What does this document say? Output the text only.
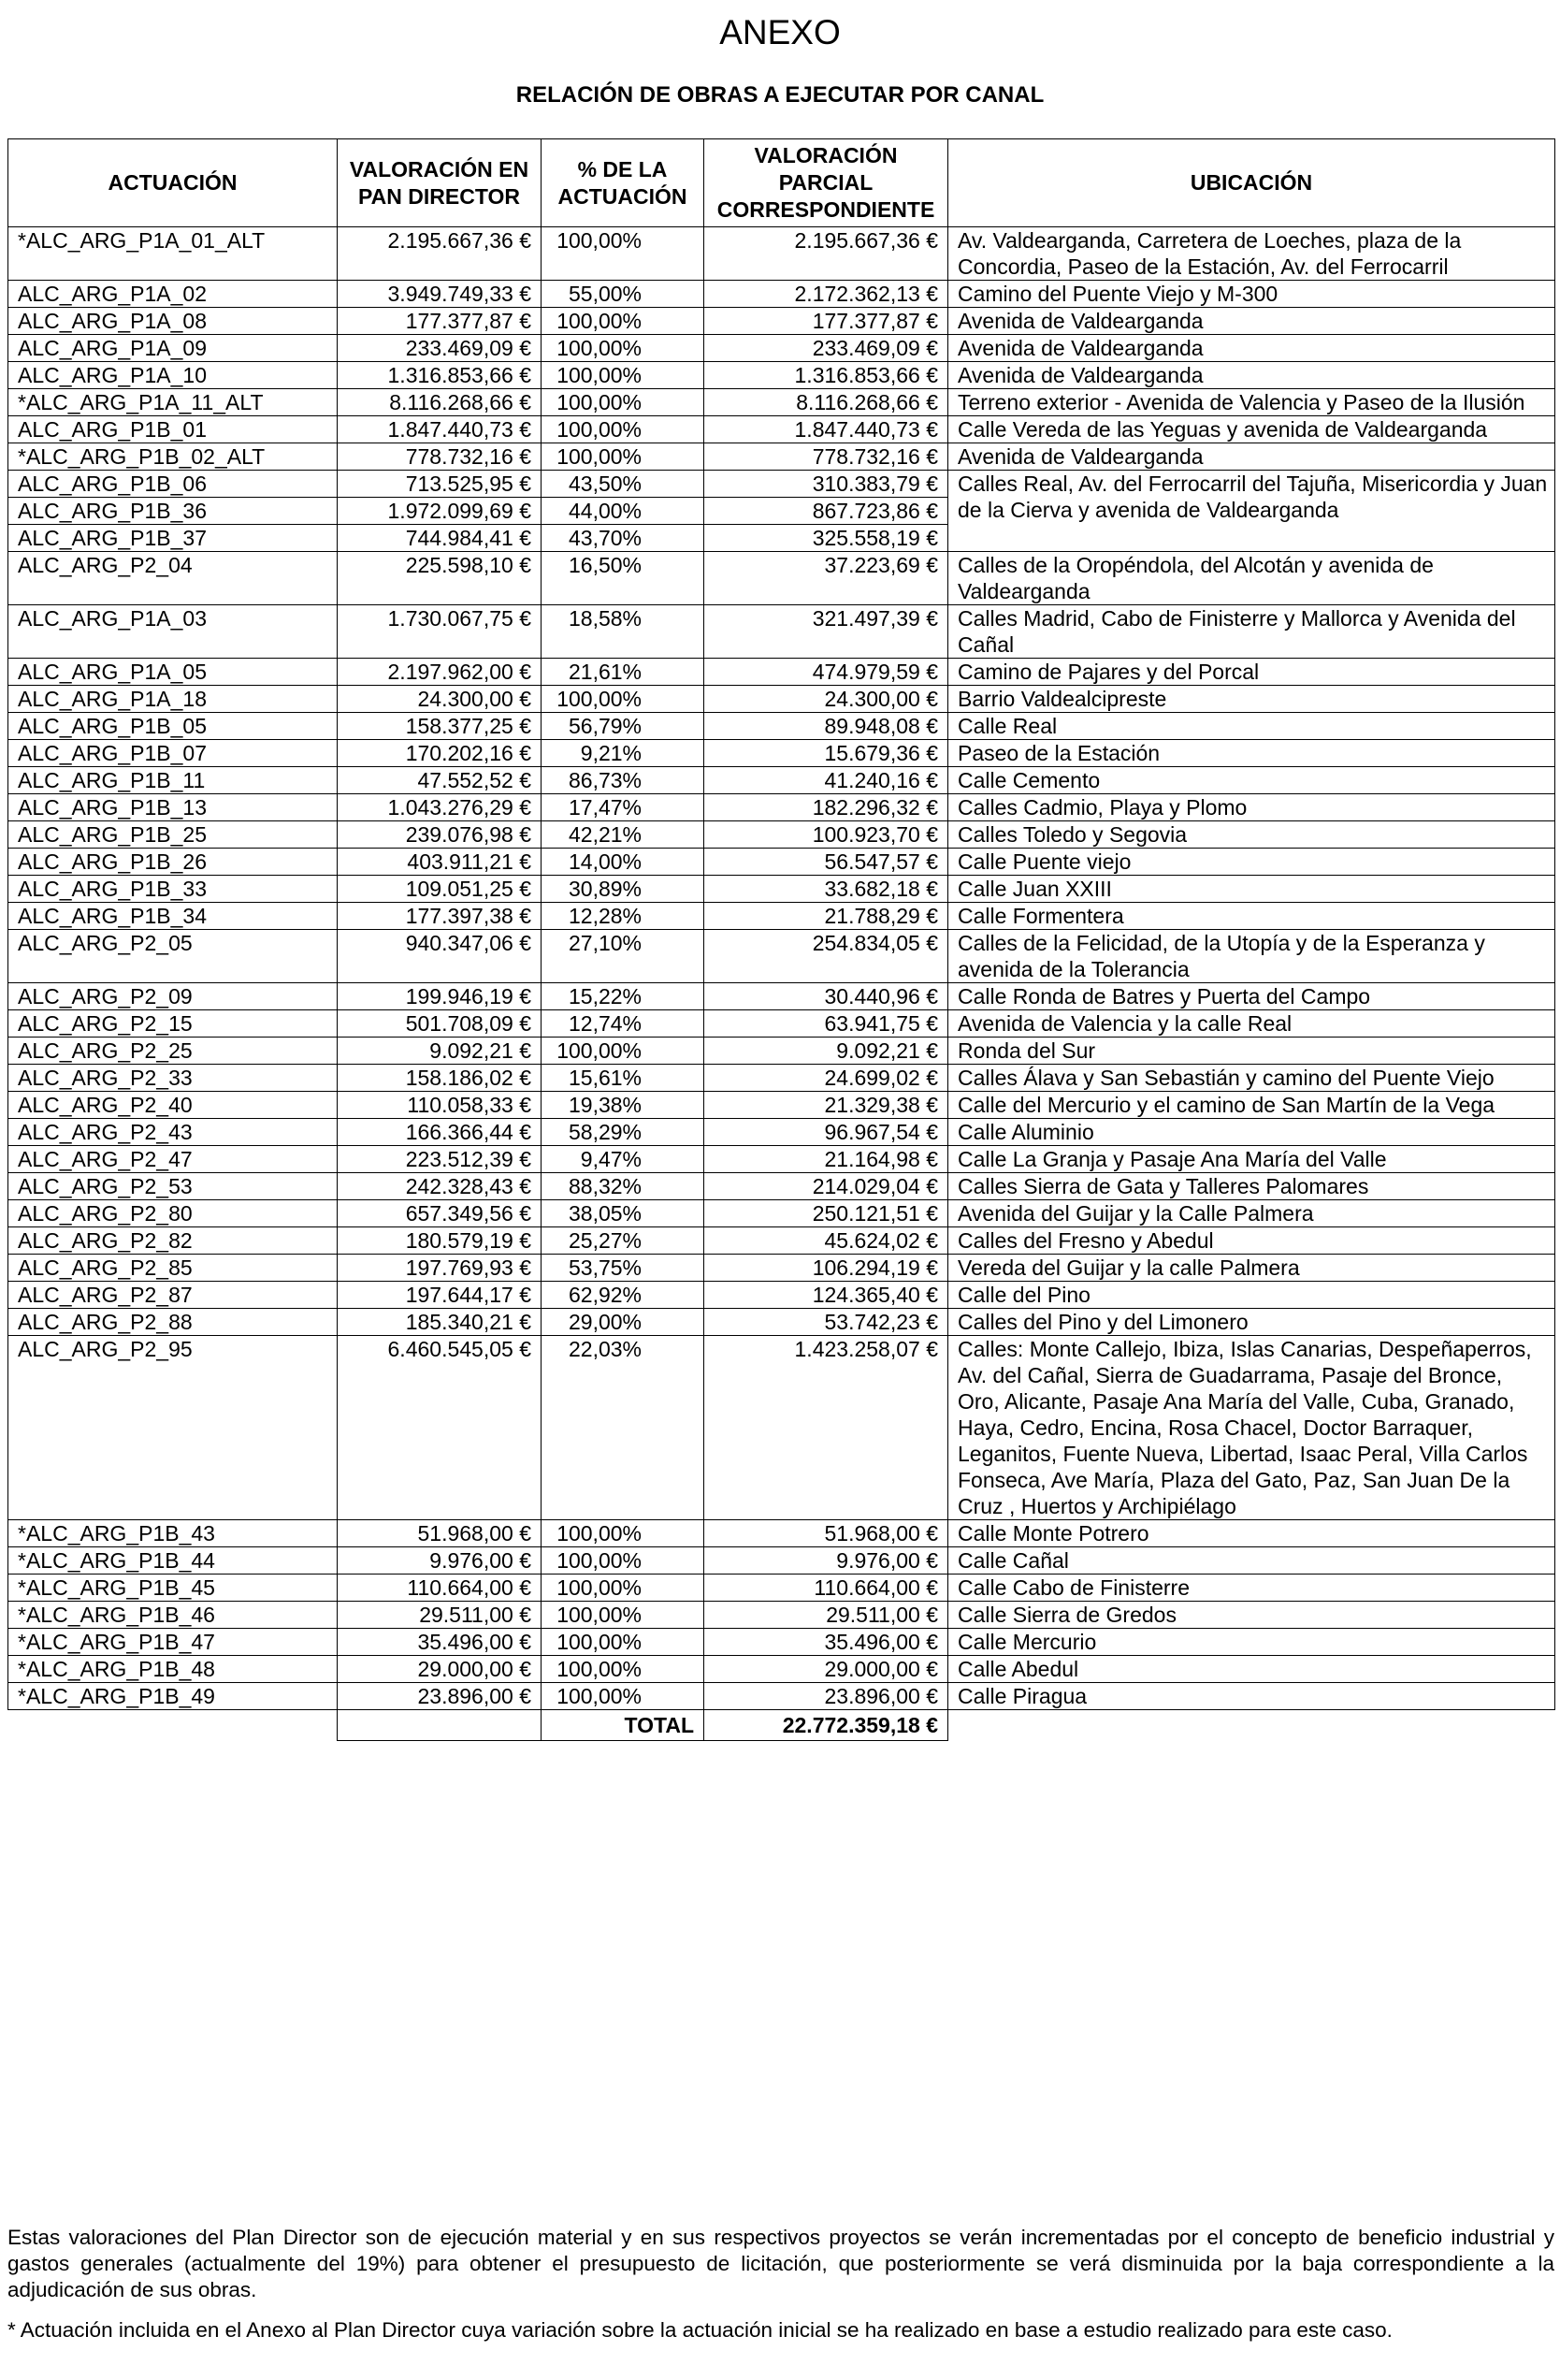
ANEXO
RELACIÓN DE OBRAS A EJECUTAR POR CANAL
ACTUACIÓN	VALORACIÓN EN PAN DIRECTOR	% DE LA ACTUACIÓN	VALORACIÓN PARCIAL CORRESPONDIENTE	UBICACIÓN
*ALC_ARG_P1A_01_ALT	2.195.667,36 €	100,00%	2.195.667,36 €	Av. Valdearganda, Carretera de Loeches, plaza de la Concordia, Paseo de la Estación, Av. del Ferrocarril
ALC_ARG_P1A_02	3.949.749,33 €	55,00%	2.172.362,13 €	Camino del Puente Viejo y M-300
ALC_ARG_P1A_08	177.377,87 €	100,00%	177.377,87 €	Avenida de Valdearganda
ALC_ARG_P1A_09	233.469,09 €	100,00%	233.469,09 €	Avenida de Valdearganda
ALC_ARG_P1A_10	1.316.853,66 €	100,00%	1.316.853,66 €	Avenida de Valdearganda
*ALC_ARG_P1A_11_ALT	8.116.268,66 €	100,00%	8.116.268,66 €	Terreno exterior - Avenida de Valencia y Paseo de la Ilusión
ALC_ARG_P1B_01	1.847.440,73 €	100,00%	1.847.440,73 €	Calle Vereda de las Yeguas y avenida de Valdearganda
*ALC_ARG_P1B_02_ALT	778.732,16 €	100,00%	778.732,16 €	Avenida de Valdearganda
ALC_ARG_P1B_06	713.525,95 €	43,50%	310.383,79 €	Calles Real, Av. del Ferrocarril del Tajuña, Misericordia y Juan de la Cierva y avenida de Valdearganda
ALC_ARG_P1B_36	1.972.099,69 €	44,00%	867.723,86 €	
ALC_ARG_P1B_37	744.984,41 €	43,70%	325.558,19 €	
ALC_ARG_P2_04	225.598,10 €	16,50%	37.223,69 €	Calles de la Oropéndola, del Alcotán y avenida de Valdearganda
ALC_ARG_P1A_03	1.730.067,75 €	18,58%	321.497,39 €	Calles Madrid, Cabo de Finisterre y Mallorca y Avenida del Cañal
ALC_ARG_P1A_05	2.197.962,00 €	21,61%	474.979,59 €	Camino de Pajares y del Porcal
ALC_ARG_P1A_18	24.300,00 €	100,00%	24.300,00 €	Barrio Valdealcipreste
ALC_ARG_P1B_05	158.377,25 €	56,79%	89.948,08 €	Calle Real
ALC_ARG_P1B_07	170.202,16 €	9,21%	15.679,36 €	Paseo de la Estación
ALC_ARG_P1B_11	47.552,52 €	86,73%	41.240,16 €	Calle Cemento
ALC_ARG_P1B_13	1.043.276,29 €	17,47%	182.296,32 €	Calles Cadmio, Playa y Plomo
ALC_ARG_P1B_25	239.076,98 €	42,21%	100.923,70 €	Calles Toledo y Segovia
ALC_ARG_P1B_26	403.911,21 €	14,00%	56.547,57 €	Calle Puente viejo
ALC_ARG_P1B_33	109.051,25 €	30,89%	33.682,18 €	Calle Juan XXIII
ALC_ARG_P1B_34	177.397,38 €	12,28%	21.788,29 €	Calle Formentera
ALC_ARG_P2_05	940.347,06 €	27,10%	254.834,05 €	Calles de la Felicidad, de la Utopía y de la Esperanza y avenida de la Tolerancia
ALC_ARG_P2_09	199.946,19 €	15,22%	30.440,96 €	Calle Ronda de Batres y Puerta del Campo
ALC_ARG_P2_15	501.708,09 €	12,74%	63.941,75 €	Avenida de Valencia y la calle Real
ALC_ARG_P2_25	9.092,21 €	100,00%	9.092,21 €	Ronda del Sur
ALC_ARG_P2_33	158.186,02 €	15,61%	24.699,02 €	Calles Álava y San Sebastián y camino del Puente Viejo
ALC_ARG_P2_40	110.058,33 €	19,38%	21.329,38 €	Calle del Mercurio y el camino de San Martín de la Vega
ALC_ARG_P2_43	166.366,44 €	58,29%	96.967,54 €	Calle Aluminio
ALC_ARG_P2_47	223.512,39 €	9,47%	21.164,98 €	Calle La Granja y Pasaje Ana María del Valle
ALC_ARG_P2_53	242.328,43 €	88,32%	214.029,04 €	Calles Sierra de Gata y Talleres Palomares
ALC_ARG_P2_80	657.349,56 €	38,05%	250.121,51 €	Avenida del Guijar y la Calle Palmera
ALC_ARG_P2_82	180.579,19 €	25,27%	45.624,02 €	Calles del Fresno y Abedul
ALC_ARG_P2_85	197.769,93 €	53,75%	106.294,19 €	Vereda del Guijar y la calle Palmera
ALC_ARG_P2_87	197.644,17 €	62,92%	124.365,40 €	Calle del Pino
ALC_ARG_P2_88	185.340,21 €	29,00%	53.742,23 €	Calles del Pino y del Limonero
ALC_ARG_P2_95	6.460.545,05 €	22,03%	1.423.258,07 €	Calles: Monte Callejo, Ibiza, Islas Canarias, Despeñaperros, Av. del Cañal, Sierra de Guadarrama, Pasaje del Bronce, Oro, Alicante, Pasaje Ana María del Valle, Cuba, Granado, Haya, Cedro, Encina, Rosa Chacel, Doctor Barraquer, Leganitos, Fuente Nueva, Libertad, Isaac Peral, Villa Carlos Fonseca, Ave María, Plaza del Gato, Paz, San Juan De la Cruz , Huertos y Archipiélago
*ALC_ARG_P1B_43	51.968,00 €	100,00%	51.968,00 €	Calle Monte Potrero
*ALC_ARG_P1B_44	9.976,00 €	100,00%	9.976,00 €	Calle Cañal
*ALC_ARG_P1B_45	110.664,00 €	100,00%	110.664,00 €	Calle Cabo de Finisterre
*ALC_ARG_P1B_46	29.511,00 €	100,00%	29.511,00 €	Calle Sierra de Gredos
*ALC_ARG_P1B_47	35.496,00 €	100,00%	35.496,00 €	Calle Mercurio
*ALC_ARG_P1B_48	29.000,00 €	100,00%	29.000,00 €	Calle Abedul
*ALC_ARG_P1B_49	23.896,00 €	100,00%	23.896,00 €	Calle Piragua
		TOTAL	22.772.359,18 €	
Estas valoraciones del Plan Director son de ejecución material y en sus respectivos proyectos se verán incrementadas por el concepto de beneficio industrial y gastos generales (actualmente del 19%) para obtener el presupuesto de licitación, que posteriormente se verá disminuida por la baja correspondiente a la adjudicación de sus obras.
* Actuación incluida en el Anexo al Plan Director cuya variación sobre la actuación inicial se ha realizado en base a estudio realizado para este caso.
